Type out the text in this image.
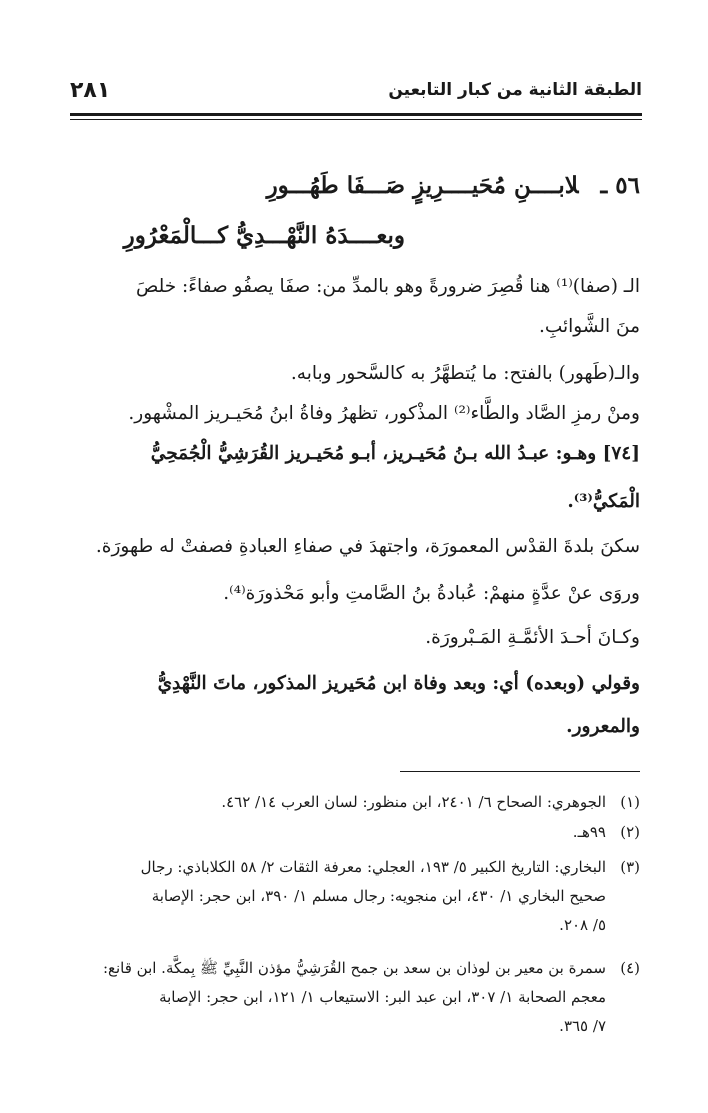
الطبقة الثانية من كبار التابعين
٢٨١
٥٦ ـلابــــنِ مُحَيــــرِيزٍ صَـــفَا طَهُـــورِ
وبعــــدَهُ النَّهْـــدِيُّ كـــالْمَعْرُورِ
الـ (صفا)⁽¹⁾ هنا قُصِرَ ضرورةً وهو بالمدِّ من: صفَا يصفُو صفاءً: خلصَ
منَ الشَّوائبِ.
والـ(طَهور) بالفتح: ما يُتطهَّرُ به كالسَّحور وبابه.
ومنْ رمزِ الصَّاد والطَّاء⁽²⁾ المذْكور، تظهرُ وفاةُ ابنُ مُحَيـريز المشْهور.
[٧٤] وهـو: عبـدُ الله بـنُ مُحَيـريز، أبـو مُحَيـريز القُرَشِيُّ الْجُمَحِيُّ
الْمَكيُّ⁽³⁾.
سكنَ بلدةَ القدْس المعمورَة، واجتهدَ في صفاءِ العبادةِ فصفتْ له طهورَة.
وروَى عنْ عدَّةٍ منهمْ: عُبادةُ بنُ الصَّامتِ وأبو مَحْذورَة⁽⁴⁾.
وكـانَ أحـدَ الأئمَّـةِ المَـبْرورَة.
وقولي (وبعده) أي: وبعد وفاة ابن مُحَيريز المذكور، ماتَ النَّهْدِيُّ
والمعرور.
(١)الجوهري: الصحاح ٦/ ٢٤٠١، ابن منظور: لسان العرب ١٤/ ٤٦٢.
(٢)٩٩هـ.
(٣)البخاري: التاريخ الكبير ٥/ ١٩٣، العجلي: معرفة الثقات ٢/ ٥٨ الكلاباذي: رجال
صحيح البخاري ١/ ٤٣٠، ابن منجويه: رجال مسلم ١/ ٣٩٠، ابن حجر: الإصابة
٥/ ٢٠٨.
(٤)سمرة بن معير بن لوذان بن سعد بن جمح القُرَشِيُّ مؤذن النَّبِيِّ ﷺ بِمكَّة. ابن قانع:
معجم الصحابة ١/ ٣٠٧، ابن عبد البر: الاستيعاب ١/ ١٢١، ابن حجر: الإصابة
٧/ ٣٦٥.
